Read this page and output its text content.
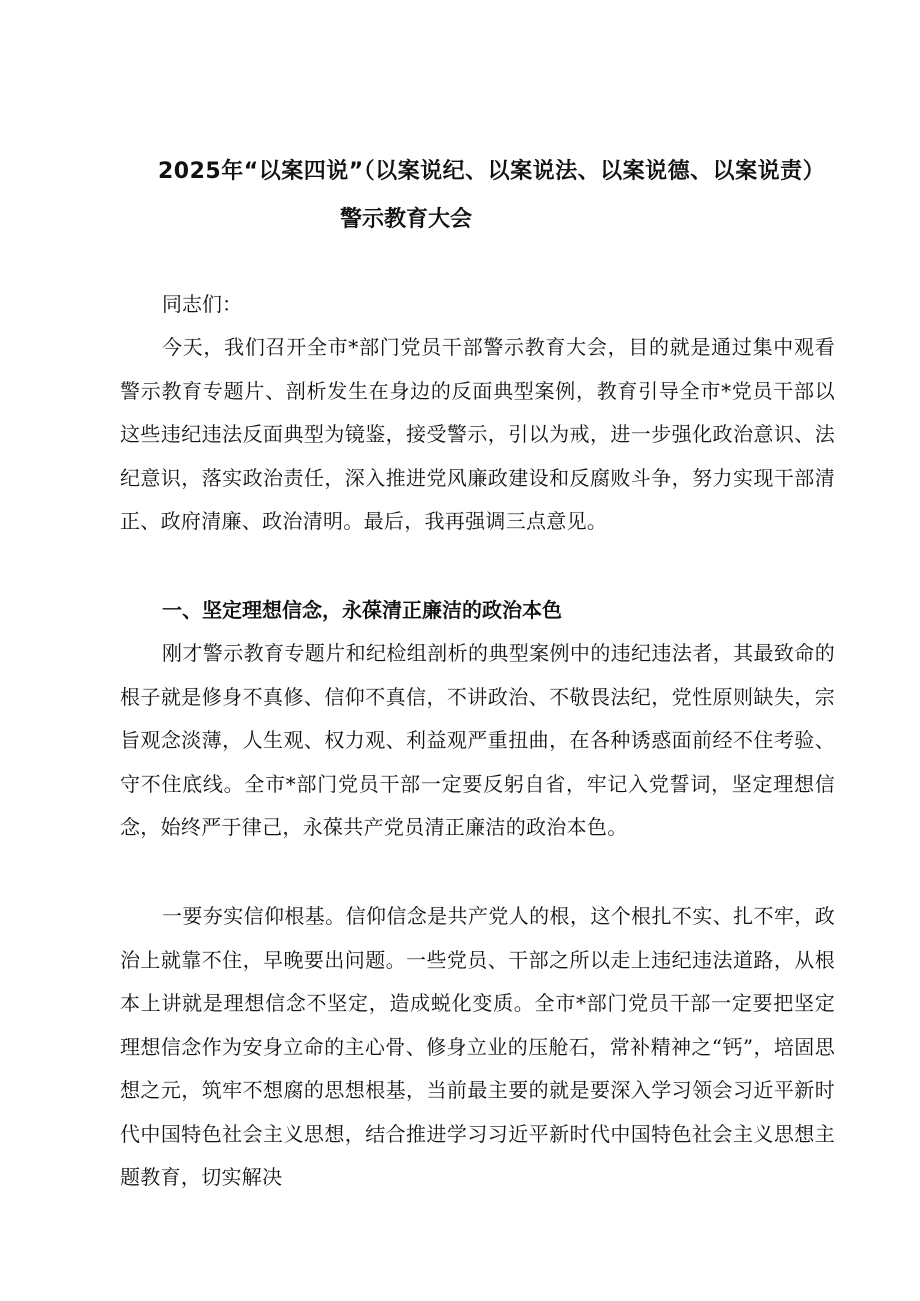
2025年“以案四说”（以案说纪、以案说法、以案说德、以案说责）
警示教育大会
同志们：
今天，我们召开全市*部门党员干部警示教育大会，目的就是通过集中观看警示教育专题片、剖析发生在身边的反面典型案例，教育引导全市*党员干部以这些违纪违法反面典型为镜鉴，接受警示，引以为戒，进一步强化政治意识、法纪意识，落实政治责任，深入推进党风廉政建设和反腐败斗争，努力实现干部清正、政府清廉、政治清明。最后，我再强调三点意见。
一、坚定理想信念，永葆清正廉洁的政治本色
刚才警示教育专题片和纪检组剖析的典型案例中的违纪违法者，其最致命的根子就是修身不真修、信仰不真信，不讲政治、不敬畏法纪，党性原则缺失，宗旨观念淡薄，人生观、权力观、利益观严重扭曲，在各种诱惑面前经不住考验、守不住底线。全市*部门党员干部一定要反躬自省，牢记入党誓词，坚定理想信念，始终严于律己，永葆共产党员清正廉洁的政治本色。
一要夯实信仰根基。信仰信念是共产党人的根，这个根扎不实、扎不牢，政治上就靠不住，早晚要出问题。一些党员、干部之所以走上违纪违法道路，从根本上讲就是理想信念不坚定，造成蜕化变质。全市*部门党员干部一定要把坚定理想信念作为安身立命的主心骨、修身立业的压舱石，常补精神之“钙”，培固思想之元，筑牢不想腐的思想根基，当前最主要的就是要深入学习领会习近平新时代中国特色社会主义思想，结合推进学习习近平新时代中国特色社会主义思想主题教育，切实解决
